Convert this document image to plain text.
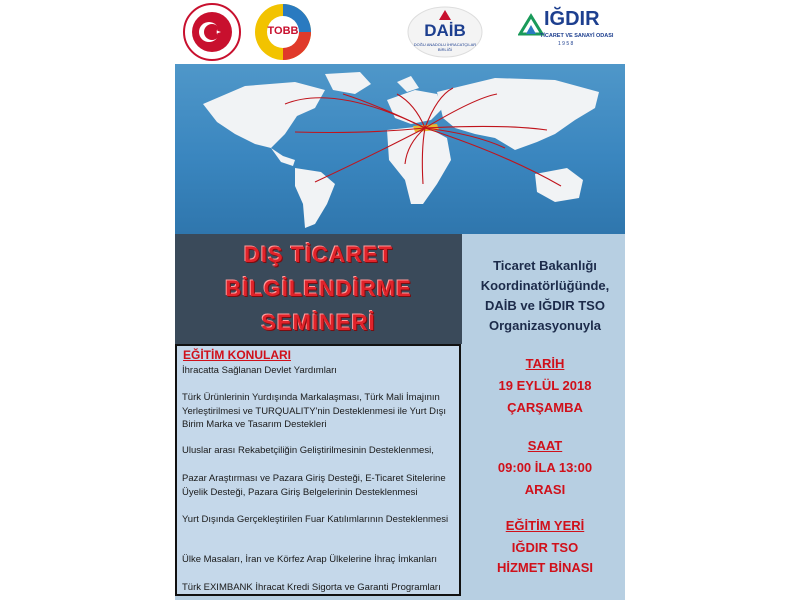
TOBB	DAİB
DOĞU ANADOLU İHRACATÇILAR BİRLİĞİ
IĞDIR
TİCARET VE SANAYİ ODASI
1 9 5 8
DIŞ TİCARET
BİLGİLENDİRME
SEMİNERİ
EĞİTİM KONULARI
İhracatta Sağlanan Devlet Yardımları
Türk Ürünlerinin Yurdışında Markalaşması, Türk Mali İmajının Yerleştirilmesi ve TURQUALITY'nin Desteklenmesi ile Yurt Dışı Birim Marka ve Tasarım Destekleri
Uluslar arası Rekabetçiliğin Geliştirilmesinin Desteklenmesi,
Pazar Araştırması ve Pazara Giriş Desteği, E-Ticaret Sitelerine Üyelik Desteği, Pazara Giriş Belgelerinin Desteklenmesi
Yurt Dışında Gerçekleştirilen Fuar Katılımlarının Desteklenmesi
Ülke Masaları, İran ve Körfez Arap Ülkelerine İhraç İmkanları
Türk EXIMBANK İhracat Kredi Sigorta ve Garanti Programları
Ticaret Bakanlığı
Koordinatörlüğünde,
DAİB ve IĞDIR TSO
Organizasyonuyla
TARİH
19 EYLÜL 2018
ÇARŞAMBA
SAAT
09:00 İLA 13:00
ARASI
EĞİTİM YERİ
IĞDIR TSO
HİZMET BİNASI
